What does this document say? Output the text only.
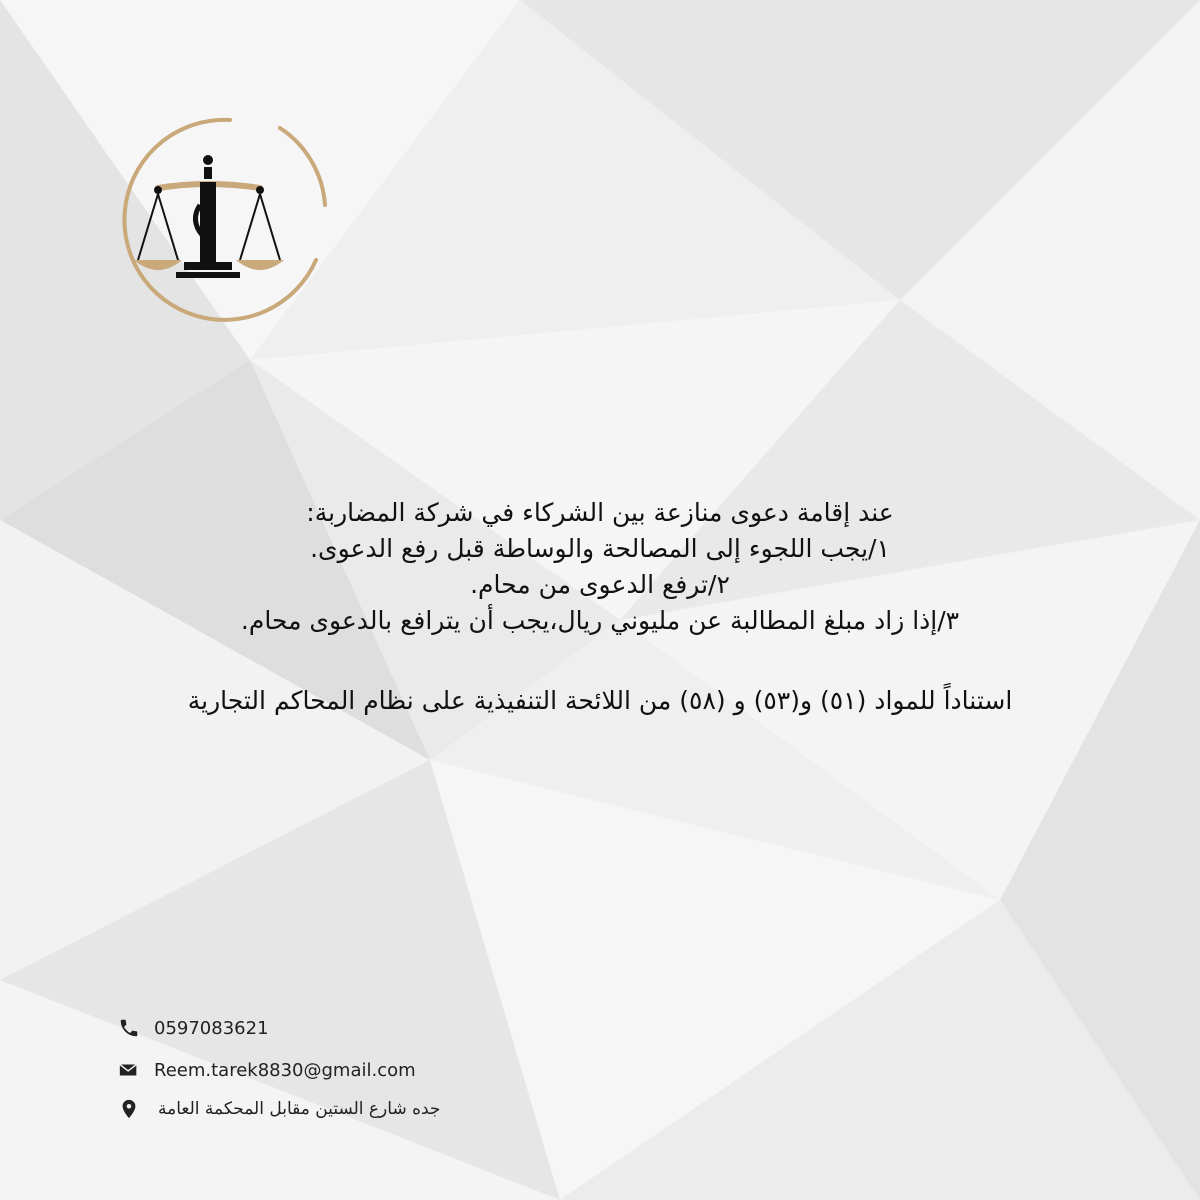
عند إقامة دعوى منازعة بين الشركاء في شركة المضاربة:
١/يجب اللجوء إلى المصالحة والوساطة قبل رفع الدعوى.
٢/ترفع الدعوى من محام.
٣/إذا زاد مبلغ المطالبة عن مليوني ريال،يجب أن يترافع بالدعوى محام.
استناداً للمواد (٥١) و(٥٣) و (٥٨) من اللائحة التنفيذية على نظام المحاكم التجارية
0597083621
Reem.tarek8830@gmail.com
جده شارع الستين مقابل المحكمة العامة
